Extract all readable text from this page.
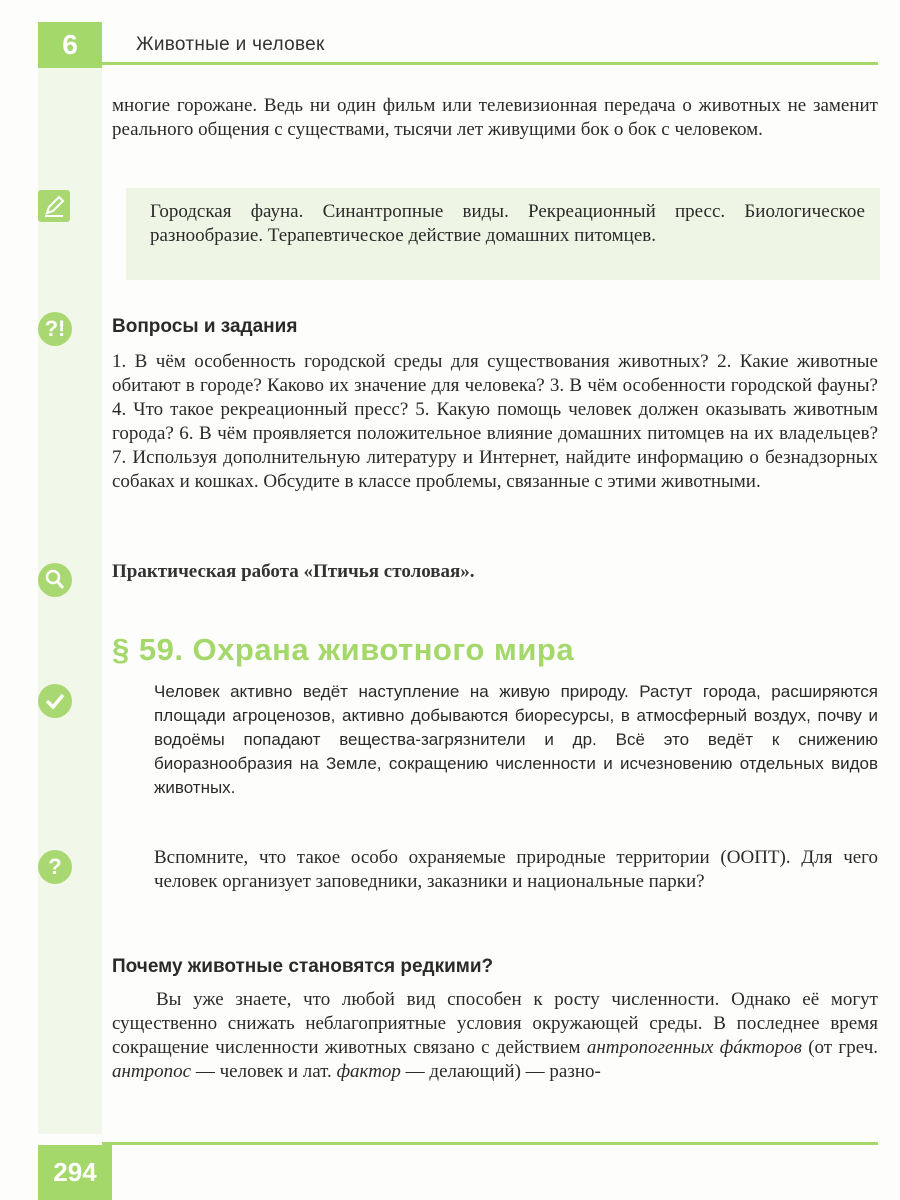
6	Животные и человек
многие горожане. Ведь ни один фильм или телевизионная передача о животных не заменит реального общения с существами, тысячи лет живущими бок о бок с человеком.
Городская фауна. Синантропные виды. Рекреационный пресс. Биологическое разнообразие. Терапевтическое действие домашних питомцев.
?!	Вопросы и задания
1. В чём особенность городской среды для существования животных? 2. Какие животные обитают в городе? Каково их значение для человека? 3. В чём особенности городской фауны? 4. Что такое рекреационный пресс? 5. Какую помощь человек должен оказывать животным города? 6. В чём проявляется положительное влияние домашних питомцев на их владельцев? 7. Используя дополнительную литературу и Интернет, найдите информацию о безнадзорных собаках и кошках. Обсудите в классе проблемы, связанные с этими животными.
Практическая работа «Птичья столовая».
§ 59. Охрана животного мира
Человек активно ведёт наступление на живую природу. Растут города, расширяются площади агроценозов, активно добываются биоресурсы, в атмосферный воздух, почву и водоёмы попадают вещества-загрязнители и др. Всё это ведёт к снижению биоразнообразия на Земле, сокращению численности и исчезновению отдельных видов животных.
?	Вспомните, что такое особо охраняемые природные территории (ООПТ). Для чего человек организует заповедники, заказники и национальные парки?
Почему животные становятся редкими?
Вы уже знаете, что любой вид способен к росту численности. Однако её могут существенно снижать неблагоприятные условия окружающей среды. В последнее время сокращение численности животных связано с действием антропогенных фáкторов (от греч. антропос — человек и лат. фактор — делающий) — разно-
294
